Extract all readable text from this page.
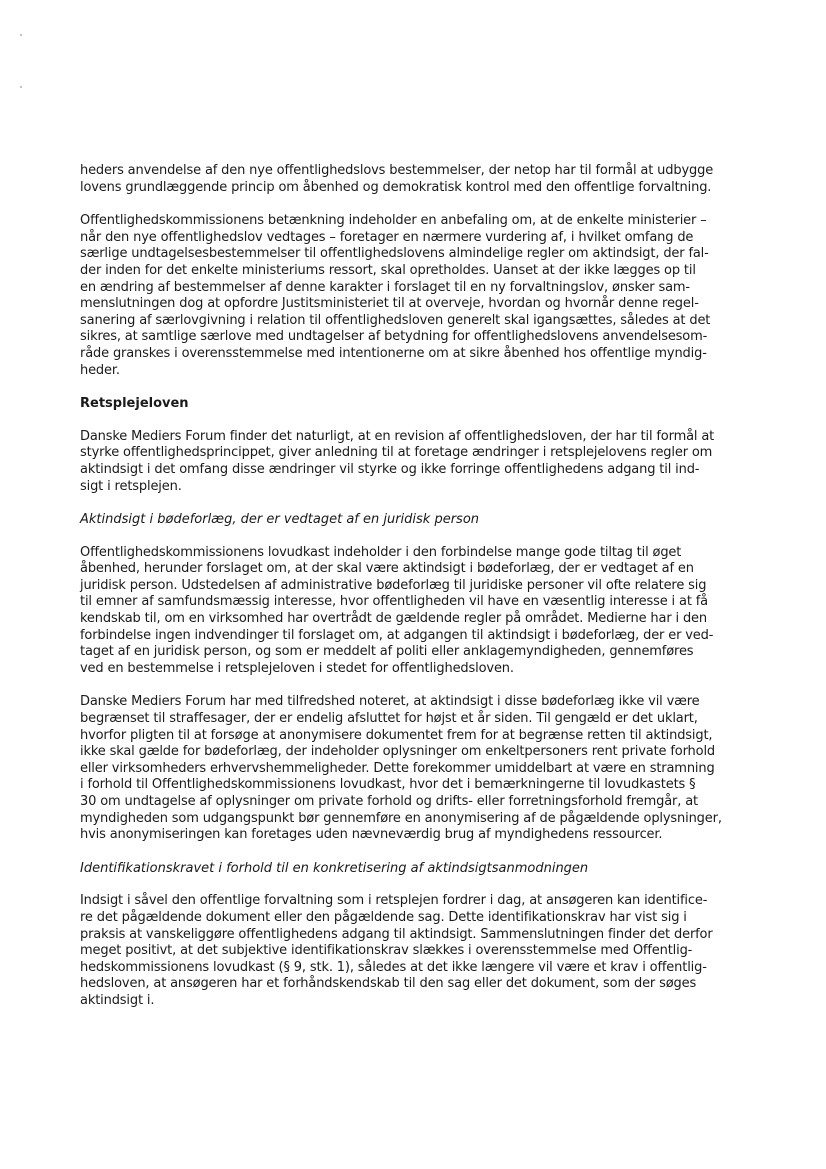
heders anvendelse af den nye offentlighedslovs bestemmelser, der netop har til formål at udbygge
lovens grundlæggende princip om åbenhed og demokratisk kontrol med den offentlige forvaltning.

Offentlighedskommissionens betænkning indeholder en anbefaling om, at de enkelte ministerier –
når den nye offentlighedslov vedtages – foretager en nærmere vurdering af, i hvilket omfang de
særlige undtagelsesbestemmelser til offentlighedslovens almindelige regler om aktindsigt, der fal-
der inden for det enkelte ministeriums ressort, skal opretholdes. Uanset at der ikke lægges op til
en ændring af bestemmelser af denne karakter i forslaget til en ny forvaltningslov, ønsker sam-
menslutningen dog at opfordre Justitsministeriet til at overveje, hvordan og hvornår denne regel-
sanering af særlovgivning i relation til offentlighedsloven generelt skal igangsættes, således at det
sikres, at samtlige særlove med undtagelser af betydning for offentlighedslovens anvendelsesom-
råde granskes i overensstemmelse med intentionerne om at sikre åbenhed hos offentlige myndig-
heder.

Retsplejeloven

Danske Mediers Forum finder det naturligt, at en revision af offentlighedsloven, der har til formål at
styrke offentlighedsprincippet, giver anledning til at foretage ændringer i retsplejelovens regler om
aktindsigt i det omfang disse ændringer vil styrke og ikke forringe offentlighedens adgang til ind-
sigt i retsplejen.

Aktindsigt i bødeforlæg, der er vedtaget af en juridisk person

Offentlighedskommissionens lovudkast indeholder i den forbindelse mange gode tiltag til øget
åbenhed, herunder forslaget om, at der skal være aktindsigt i bødeforlæg, der er vedtaget af en
juridisk person. Udstedelsen af administrative bødeforlæg til juridiske personer vil ofte relatere sig
til emner af samfundsmæssig interesse, hvor offentligheden vil have en væsentlig interesse i at få
kendskab til, om en virksomhed har overtrådt de gældende regler på området. Medierne har i den
forbindelse ingen indvendinger til forslaget om, at adgangen til aktindsigt i bødeforlæg, der er ved-
taget af en juridisk person, og som er meddelt af politi eller anklagemyndigheden, gennemføres
ved en bestemmelse i retsplejeloven i stedet for offentlighedsloven.

Danske Mediers Forum har med tilfredshed noteret, at aktindsigt i disse bødeforlæg ikke vil være
begrænset til straffesager, der er endelig afsluttet for højst et år siden. Til gengæld er det uklart,
hvorfor pligten til at forsøge at anonymisere dokumentet frem for at begrænse retten til aktindsigt,
ikke skal gælde for bødeforlæg, der indeholder oplysninger om enkeltpersoners rent private forhold
eller virksomheders erhvervshemmeligheder. Dette forekommer umiddelbart at være en stramning
i forhold til Offentlighedskommissionens lovudkast, hvor det i bemærkningerne til lovudkastets §
30 om undtagelse af oplysninger om private forhold og drifts- eller forretningsforhold fremgår, at
myndigheden som udgangspunkt bør gennemføre en anonymisering af de pågældende oplysninger,
hvis anonymiseringen kan foretages uden nævneværdig brug af myndighedens ressourcer.

Identifikationskravet i forhold til en konkretisering af aktindsigtsanmodningen

Indsigt i såvel den offentlige forvaltning som i retsplejen fordrer i dag, at ansøgeren kan identifice-
re det pågældende dokument eller den pågældende sag. Dette identifikationskrav har vist sig i
praksis at vanskeliggøre offentlighedens adgang til aktindsigt. Sammenslutningen finder det derfor
meget positivt, at det subjektive identifikationskrav slækkes i overensstemmelse med Offentlig-
hedskommissionens lovudkast (§ 9, stk. 1), således at det ikke længere vil være et krav i offentlig-
hedsloven, at ansøgeren har et forhåndskendskab til den sag eller det dokument, som der søges
aktindsigt i.
